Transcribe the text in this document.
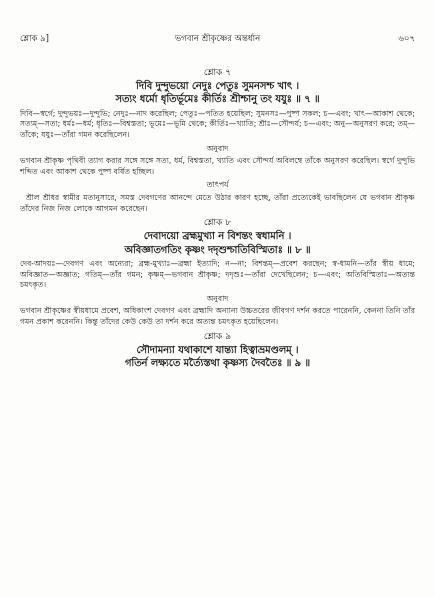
শ্লোক ৯]	ভগবান শ্রীকৃষ্ণের অন্তর্ধান	৬০৭
শ্লোক ৭
দিবি দুন্দুভয়ো নেদুঃ পেতুঃ সুমনসশ্চ খাৎ ।
সত্যং ধর্মো ধৃতির্ভূমেঃ কীর্তিঃ শ্রীশ্চানু তং যযুঃ ॥ ৭ ॥
দিবি—স্বর্গে; দুন্দুভয়ঃ—দুন্দুভি; নেদুঃ—নাদ করেছিল; পেতুঃ—পতিত হয়েছিল; সুমনসঃ—পুষ্প সকল; চ—এবং; খাৎ—আকাশ থেকে; সত্যম্—সত্য; ধর্মঃ—ধর্ম; ধৃতিঃ—বিশ্বস্ততা; ভূমেঃ—ভূমি থেকে; কীর্তিঃ—খ্যাতি; শ্রীঃ—সৌন্দর্য; চ—এবং; অনু—অনুসরণ করে; তম্—তাঁকে; যযুঃ—তাঁরা গমন করেছিলেন।
অনুবাদ
ভগবান শ্রীকৃষ্ণ পৃথিবী ত্যাগ করার সঙ্গে সঙ্গে সত্য, ধর্ম, বিশ্বস্ততা, খ্যাতি এবং সৌন্দর্য অবিলম্বে তাঁকে অনুসরণ করেছিল। স্বর্গে দুন্দুভি শব্দিত এবং আকাশ থেকে পুষ্প বর্ষিত হচ্ছিল।
তাৎপর্য
শ্রীল শ্রীধর স্বামীর মতানুসারে, সমস্ত দেবগণের আনন্দে মেতে উঠার কারণ হচ্ছে, তাঁরা প্রত্যেকেই ভাবছিলেন যে ভগবান শ্রীকৃষ্ণ তাঁদের নিজ নিজ লোকে আগমন করেছেন।
শ্লোক ৮
দেবাদয়ো ব্রহ্মমুখ্যা ন বিশন্তং স্বধামনি ।
অবিজ্ঞাতগতিং কৃষ্ণং দদৃশুশ্চাতিবিস্মিতাঃ ॥ ৮ ॥
দেব-আদয়ঃ—দেবগণ এবং অন্যেরা; ব্রহ্ম-মুখ্যাঃ—ব্রহ্মা ইত্যাদি; ন—না; বিশন্তম্—প্রবেশ করছেন; স্ব-ধামনি—তাঁর স্বীয় ধামে; অবিজ্ঞাত—অজ্ঞাত; গতিম্—তাঁর গমন; কৃষ্ণম্—ভগবান শ্রীকৃষ্ণ; দদৃশুঃ—তাঁরা দেখেছিলেন; চ—এবং; অতিবিস্মিতাঃ—অত্যন্ত চমৎকৃত।
অনুবাদ
ভগবান শ্রীকৃষ্ণের স্বীয়ধামে প্রবেশ, অধিকাংশ দেবগণ এবং ব্রহ্মাদি অন্যান্য উচ্চতরের জীবগণ দর্শন করতে পারেননি, কেননা তিনি তাঁর গমন প্রকাশ করেননি। কিন্তু তাঁদের কেউ কেউ তা দর্শন করে অত্যন্ত চমৎকৃত হয়েছিলেন।
শ্লোক ৯
সৌদামন্যা যথাকাশে যান্ত্যা হিত্বাভ্রমণ্ডলম্ ।
গতির্ন লক্ষ্যতে মর্ত্যৈস্তথা কৃষ্ণস্য দৈবতৈঃ ॥ ৯ ॥
